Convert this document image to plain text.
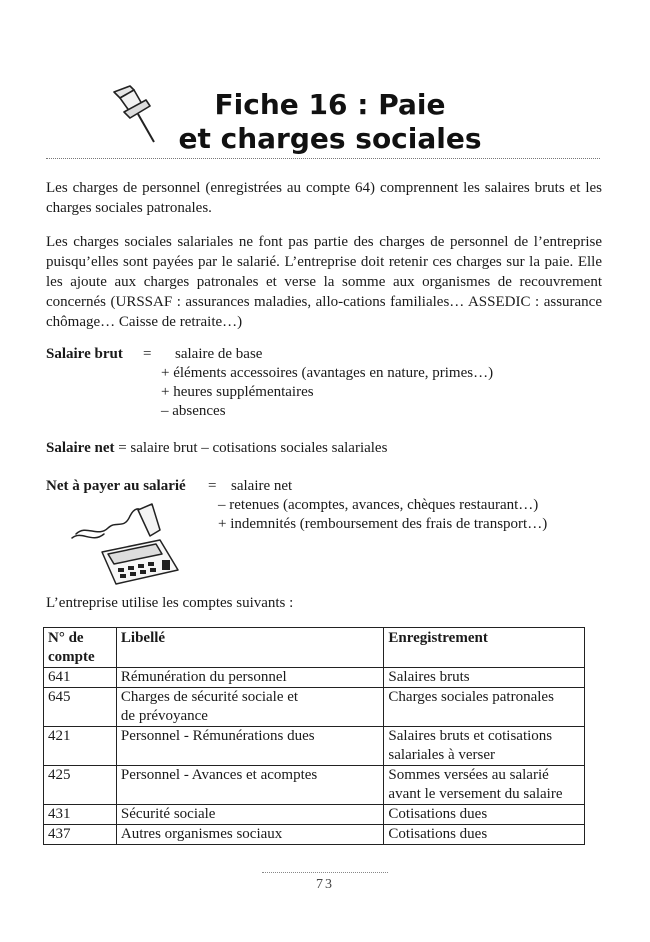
Fiche 16 : Paie
et charges sociales
Les charges de personnel (enregistrées au compte 64) comprennent les salaires bruts et les charges sociales patronales.
Les charges sociales salariales ne font pas partie des charges de personnel de l’entreprise puisqu’elles sont payées par le salarié. L’entreprise doit retenir ces charges sur la paie. Elle les ajoute aux charges patronales et verse la somme aux organismes de recouvrement concernés (URSSAF : assurances maladies, allo-cations familiales… ASSEDIC : assurance chômage… Caisse de retraite…)
Salaire brut = salaire de base
+ éléments accessoires (avantages en nature, primes…)
+ heures supplémentaires
– absences
Salaire net = salaire brut – cotisations sociales salariales
Net à payer au salarié = salaire net
– retenues (acomptes, avances, chèques restaurant…)
+ indemnités (remboursement des frais de transport…)
L’entreprise utilise les comptes suivants :
N° de compte	Libellé	Enregistrement
641	Rémunération du personnel	Salaires bruts
645	Charges de sécurité sociale et de prévoyance	Charges sociales patronales
421	Personnel - Rémunérations dues	Salaires bruts et cotisations salariales à verser
425	Personnel - Avances et acomptes	Sommes versées au salarié avant le versement du salaire
431	Sécurité sociale	Cotisations dues
437	Autres organismes sociaux	Cotisations dues
73
